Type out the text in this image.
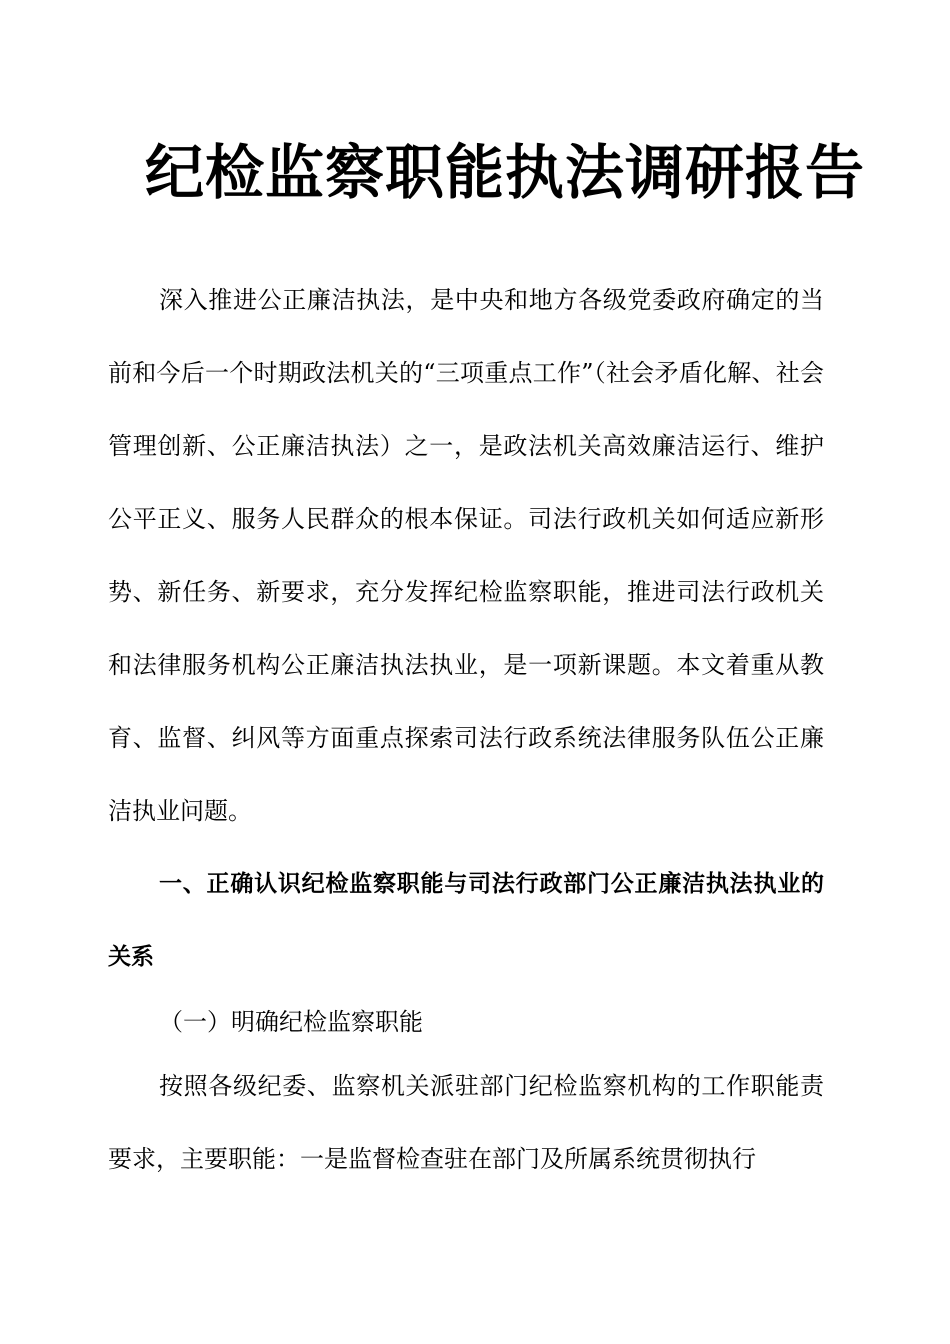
纪检监察职能执法调研报告

深入推进公正廉洁执法，是中央和地方各级党委政府确定的当前和今后一个时期政法机关的“三项重点工作”（社会矛盾化解、社会管理创新、公正廉洁执法）之一，是政法机关高效廉洁运行、维护公平正义、服务人民群众的根本保证。司法行政机关如何适应新形势、新任务、新要求，充分发挥纪检监察职能，推进司法行政机关和法律服务机构公正廉洁执法执业，是一项新课题。本文着重从教育、监督、纠风等方面重点探索司法行政系统法律服务队伍公正廉洁执业问题。

一、正确认识纪检监察职能与司法行政部门公正廉洁执法执业的关系

（一）明确纪检监察职能

按照各级纪委、监察机关派驻部门纪检监察机构的工作职能责要求，主要职能：一是监督检查驻在部门及所属系统贯彻执行
